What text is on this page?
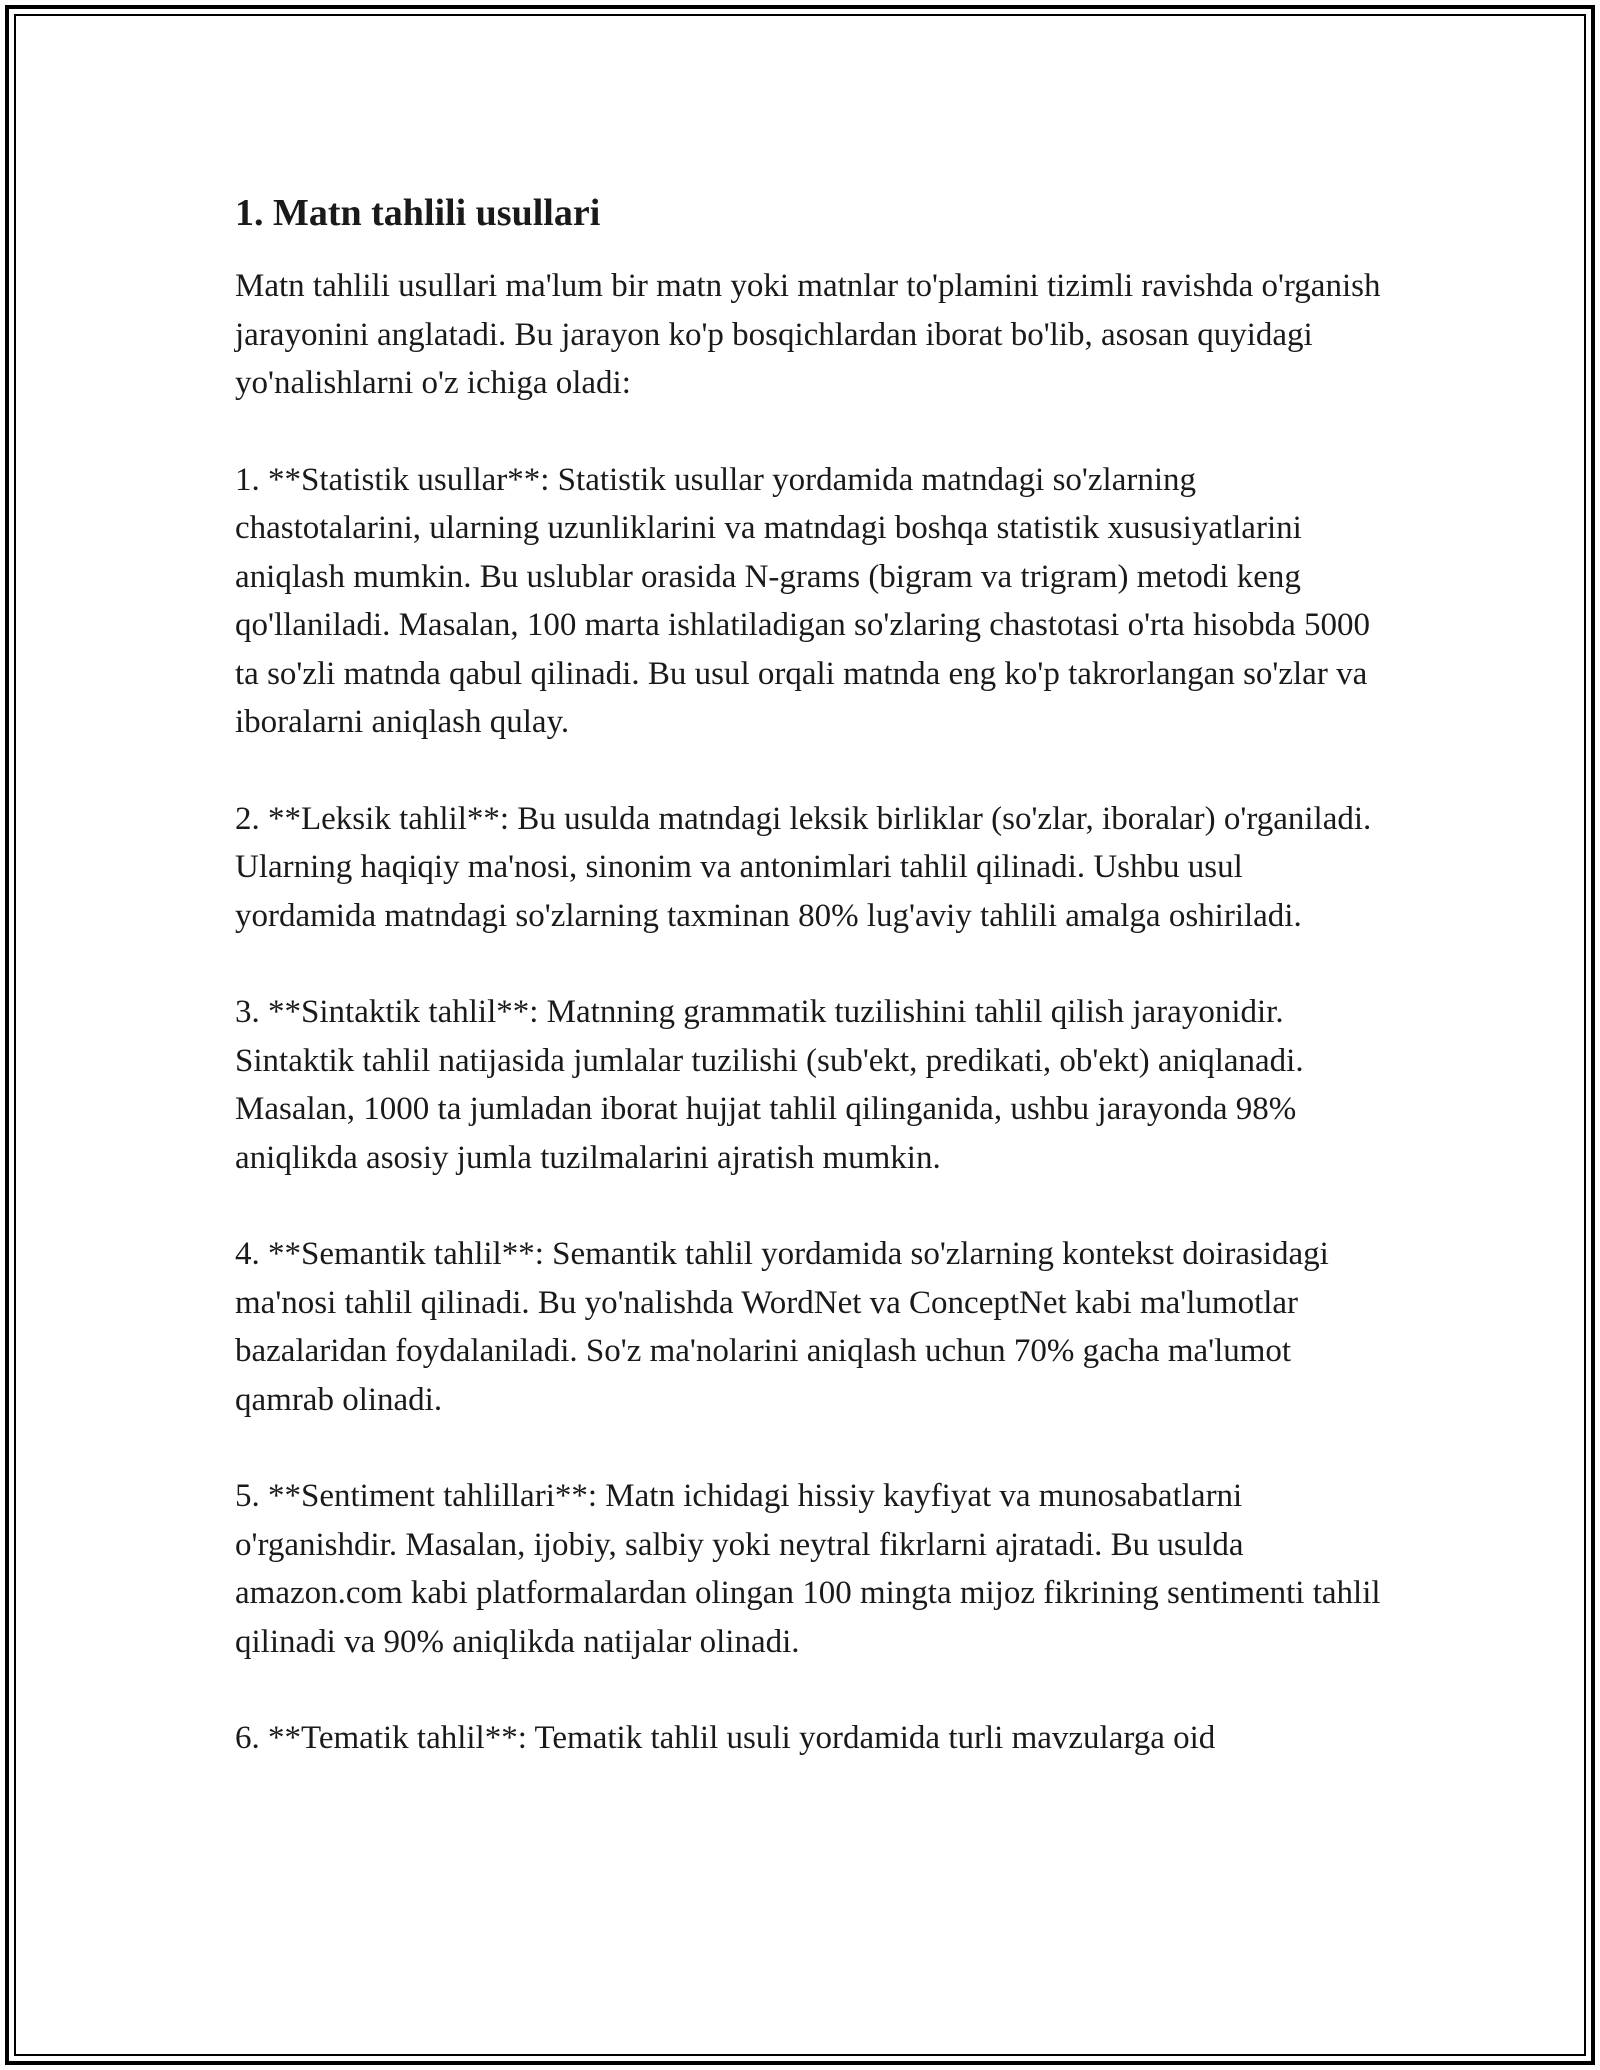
1. Matn tahlili usullari
Matn tahlili usullari ma'lum bir matn yoki matnlar to'plamini tizimli ravishda o'rganish jarayonini anglatadi. Bu jarayon ko'p bosqichlardan iborat bo'lib, asosan quyidagi yo'nalishlarni o'z ichiga oladi:
1. **Statistik usullar**: Statistik usullar yordamida matndagi so'zlarning chastotalarini, ularning uzunliklarini va matndagi boshqa statistik xususiyatlarini aniqlash mumkin. Bu uslublar orasida N-grams (bigram va trigram) metodi keng qo'llaniladi. Masalan, 100 marta ishlatiladigan so'zlaring chastotasi o'rta hisobda 5000 ta so'zli matnda qabul qilinadi. Bu usul orqali matnda eng ko'p takrorlangan so'zlar va iboralarni aniqlash qulay.
2. **Leksik tahlil**: Bu usulda matndagi leksik birliklar (so'zlar, iboralar) o'rganiladi. Ularning haqiqiy ma'nosi, sinonim va antonimlari tahlil qilinadi. Ushbu usul yordamida matndagi so'zlarning taxminan 80% lug'aviy tahlili amalga oshiriladi.
3. **Sintaktik tahlil**: Matnning grammatik tuzilishini tahlil qilish jarayonidir. Sintaktik tahlil natijasida jumlalar tuzilishi (sub'ekt, predikati, ob'ekt) aniqlanadi. Masalan, 1000 ta jumladan iborat hujjat tahlil qilinganida, ushbu jarayonda 98% aniqlikda asosiy jumla tuzilmalarini ajratish mumkin.
4. **Semantik tahlil**: Semantik tahlil yordamida so'zlarning kontekst doirasidagi ma'nosi tahlil qilinadi. Bu yo'nalishda WordNet va ConceptNet kabi ma'lumotlar bazalaridan foydalaniladi. So'z ma'nolarini aniqlash uchun 70% gacha ma'lumot qamrab olinadi.
5. **Sentiment tahlillari**: Matn ichidagi hissiy kayfiyat va munosabatlarni o'rganishdir. Masalan, ijobiy, salbiy yoki neytral fikrlarni ajratadi. Bu usulda amazon.com kabi platformalardan olingan 100 mingta mijoz fikrining sentimenti tahlil qilinadi va 90% aniqlikda natijalar olinadi.
6. **Tematik tahlil**: Tematik tahlil usuli yordamida turli mavzularga oid
